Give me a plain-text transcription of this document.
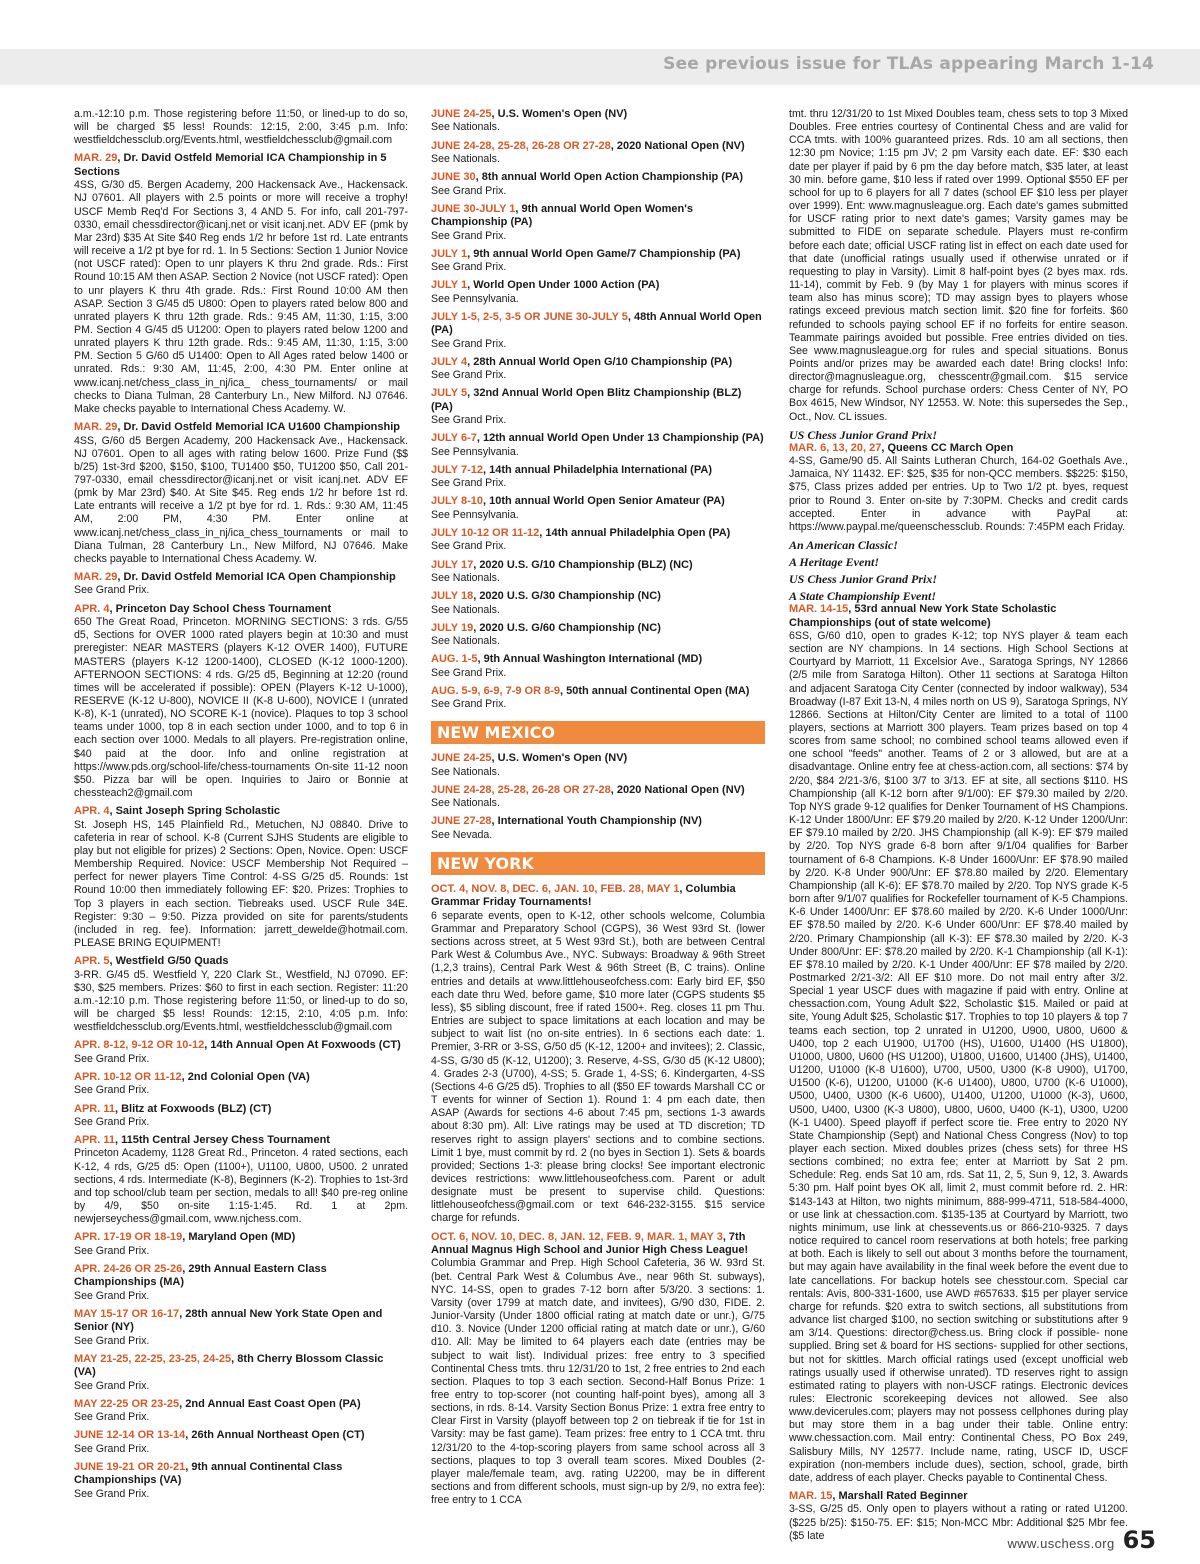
See previous issue for TLAs appearing March 1-14
a.m.-12:10 p.m. Those registering before 11:50, or lined-up to do so, will be charged $5 less! Rounds: 12:15, 2:00, 3:45 p.m. Info: westfieldchessclub.org/Events.html, westfieldchessclub@gmail.com
MAR. 29, Dr. David Ostfeld Memorial ICA Championship in 5 Sections
4SS, G/30 d5. Bergen Academy, 200 Hackensack Ave., Hackensack. NJ 07601. All players with 2.5 points or more will receive a trophy! USCF Memb Req'd For Sections 3, 4 AND 5. For info, call 201-797-0330, email chessdirector@icanj.net or visit icanj.net. ADV EF (pmk by Mar 23rd) $35 At Site $40 Reg ends 1/2 hr before 1st rd. Late entrants will receive a 1/2 pt bye for rd. 1. In 5 Sections: Section 1 Junior Novice (not USCF rated): Open to unr players K thru 2nd grade. Rds.: First Round 10:15 AM then ASAP. Section 2 Novice (not USCF rated): Open to unr players K thru 4th grade. Rds.: First Round 10:00 AM then ASAP. Section 3 G/45 d5 U800: Open to players rated below 800 and unrated players K thru 12th grade. Rds.: 9:45 AM, 11:30, 1:15, 3:00 PM. Section 4 G/45 d5 U1200: Open to players rated below 1200 and unrated players K thru 12th grade. Rds.: 9:45 AM, 11:30, 1:15, 3:00 PM. Section 5 G/60 d5 U1400: Open to All Ages rated below 1400 or unrated. Rds.: 9:30 AM, 11:45, 2:00, 4:30 PM. Enter online at www.icanj.net/chess_class_in_nj/ica_ chess_tournaments/ or mail checks to Diana Tulman, 28 Canterbury Ln., New Milford. NJ 07646. Make checks payable to International Chess Academy. W.
MAR. 29, Dr. David Ostfeld Memorial ICA U1600 Championship
4SS, G/60 d5 Bergen Academy, 200 Hackensack Ave., Hackensack. NJ 07601. Open to all ages with rating below 1600. Prize Fund ($$ b/25) 1st-3rd $200, $150, $100, TU1400 $50, TU1200 $50, Call 201-797-0330, email chessdirector@icanj.net or visit icanj.net. ADV EF (pmk by Mar 23rd) $40. At Site $45. Reg ends 1/2 hr before 1st rd. Late entrants will receive a 1/2 pt bye for rd. 1. Rds.: 9:30 AM, 11:45 AM, 2:00 PM, 4:30 PM. Enter online at www.icanj.net/chess_class_in_nj/ica_chess_tournaments or mail to Diana Tulman, 28 Canterbury Ln., New Milford, NJ 07646. Make checks payable to International Chess Academy. W.
MAR. 29, Dr. David Ostfeld Memorial ICA Open Championship
See Grand Prix.
APR. 4, Princeton Day School Chess Tournament
650 The Great Road, Princeton. MORNING SECTIONS: 3 rds. G/55 d5, Sections for OVER 1000 rated players begin at 10:30 and must preregister: NEAR MASTERS (players K-12 OVER 1400), FUTURE MASTERS (players K-12 1200-1400), CLOSED (K-12 1000-1200). AFTERNOON SECTIONS: 4 rds. G/25 d5, Beginning at 12:20 (round times will be accelerated if possible): OPEN (Players K-12 U-1000), RESERVE (K-12 U-800), NOVICE II (K-8 U-600), NOVICE I (unrated K-8), K-1 (unrated), NO SCORE K-1 (novice). Plaques to top 3 school teams under 1000, top 8 in each section under 1000, and to top 6 in each section over 1000. Medals to all players. Pre-registration online, $40 paid at the door. Info and online registration at https://www.pds.org/school-life/chess-tournaments On-site 11-12 noon $50. Pizza bar will be open. Inquiries to Jairo or Bonnie at chessteach2@gmail.com
APR. 4, Saint Joseph Spring Scholastic
St. Joseph HS, 145 Plainfield Rd., Metuchen, NJ 08840. Drive to cafeteria in rear of school. K-8 (Current SJHS Students are eligible to play but not eligible for prizes) 2 Sections: Open, Novice. Open: USCF Membership Required. Novice: USCF Membership Not Required – perfect for newer players Time Control: 4-SS G/25 d5. Rounds: 1st Round 10:00 then immediately following EF: $20. Prizes: Trophies to Top 3 players in each section. Tiebreaks used. USCF Rule 34E. Register: 9:30 – 9:50. Pizza provided on site for parents/students (included in reg. fee). Information: jarrett_dewelde@hotmail.com. PLEASE BRING EQUIPMENT!
APR. 5, Westfield G/50 Quads
3-RR. G/45 d5. Westfield Y, 220 Clark St., Westfield, NJ 07090. EF: $30, $25 members. Prizes: $60 to first in each section. Register: 11:20 a.m.-12:10 p.m. Those registering before 11:50, or lined-up to do so, will be charged $5 less! Rounds: 12:15, 2:10, 4:05 p.m. Info: westfieldchessclub.org/Events.html, westfieldchessclub@gmail.com
APR. 8-12, 9-12 OR 10-12, 14th Annual Open At Foxwoods (CT)
See Grand Prix.
APR. 10-12 OR 11-12, 2nd Colonial Open (VA)
See Grand Prix.
APR. 11, Blitz at Foxwoods (BLZ) (CT)
See Grand Prix.
APR. 11, 115th Central Jersey Chess Tournament
Princeton Academy, 1128 Great Rd., Princeton. 4 rated sections, each K-12, 4 rds, G/25 d5: Open (1100+), U1100, U800, U500. 2 unrated sections, 4 rds. Intermediate (K-8), Beginners (K-2). Trophies to 1st-3rd and top school/club team per section, medals to all! $40 pre-reg online by 4/9, $50 on-site 1:15-1:45. Rd. 1 at 2pm. newjerseychess@gmail.com, www.njchess.com.
APR. 17-19 OR 18-19, Maryland Open (MD)
See Grand Prix.
APR. 24-26 OR 25-26, 29th Annual Eastern Class Championships (MA)
See Grand Prix.
MAY 15-17 OR 16-17, 28th annual New York State Open and Senior (NY)
See Grand Prix.
MAY 21-25, 22-25, 23-25, 24-25, 8th Cherry Blossom Classic (VA)
See Grand Prix.
MAY 22-25 OR 23-25, 2nd Annual East Coast Open (PA)
See Grand Prix.
JUNE 12-14 OR 13-14, 26th Annual Northeast Open (CT)
See Grand Prix.
JUNE 19-21 OR 20-21, 9th annual Continental Class Championships (VA)
See Grand Prix.
JUNE 24-25, U.S. Women's Open (NV)
See Nationals.
JUNE 24-28, 25-28, 26-28 OR 27-28, 2020 National Open (NV)
See Nationals.
JUNE 30, 8th annual World Open Action Championship (PA)
See Grand Prix.
JUNE 30-JULY 1, 9th annual World Open Women's Championship (PA)
See Grand Prix.
JULY 1, 9th annual World Open Game/7 Championship (PA)
See Grand Prix.
JULY 1, World Open Under 1000 Action (PA)
See Pennsylvania.
JULY 1-5, 2-5, 3-5 OR JUNE 30-JULY 5, 48th Annual World Open (PA)
See Grand Prix.
JULY 4, 28th Annual World Open G/10 Championship (PA)
See Grand Prix.
JULY 5, 32nd Annual World Open Blitz Championship (BLZ) (PA)
See Grand Prix.
JULY 6-7, 12th annual World Open Under 13 Championship (PA)
See Pennsylvania.
JULY 7-12, 14th annual Philadelphia International (PA)
See Grand Prix.
JULY 8-10, 10th annual World Open Senior Amateur (PA)
See Pennsylvania.
JULY 10-12 OR 11-12, 14th annual Philadelphia Open (PA)
See Grand Prix.
JULY 17, 2020 U.S. G/10 Championship (BLZ) (NC)
See Nationals.
JULY 18, 2020 U.S. G/30 Championship (NC)
See Nationals.
JULY 19, 2020 U.S. G/60 Championship (NC)
See Nationals.
AUG. 1-5, 9th Annual Washington International (MD)
See Grand Prix.
AUG. 5-9, 6-9, 7-9 OR 8-9, 50th annual Continental Open (MA)
See Grand Prix.
NEW MEXICO
JUNE 24-25, U.S. Women's Open (NV)
See Nationals.
JUNE 24-28, 25-28, 26-28 OR 27-28, 2020 National Open (NV)
See Nationals.
JUNE 27-28, International Youth Championship (NV)
See Nevada.
NEW YORK
OCT. 4, NOV. 8, DEC. 6, JAN. 10, FEB. 28, MAY 1, Columbia Grammar Friday Tournaments!
6 separate events, open to K-12, other schools welcome, Columbia Grammar and Preparatory School (CGPS), 36 West 93rd St. (lower sections across street, at 5 West 93rd St.), both are between Central Park West & Columbus Ave., NYC. Subways: Broadway & 96th Street (1,2,3 trains), Central Park West & 96th Street (B, C trains). Online entries and details at www.littlehouseofchess.com: Early bird EF, $50 each date thru Wed. before game, $10 more later (CGPS students $5 less), $5 sibling discount, free if rated 1500+. Reg. closes 11 pm Thu. Entries are subject to space limitations at each location and may be subject to wait list (no on-site entries). In 6 sections each date: 1. Premier, 3-RR or 3-SS, G/50 d5 (K-12, 1200+ and invitees); 2. Classic, 4-SS, G/30 d5 (K-12, U1200); 3. Reserve, 4-SS, G/30 d5 (K-12 U800); 4. Grades 2-3 (U700), 4-SS; 5. Grade 1, 4-SS; 6. Kindergarten, 4-SS (Sections 4-6 G/25 d5). Trophies to all ($50 EF towards Marshall CC or T events for winner of Section 1). Round 1: 4 pm each date, then ASAP (Awards for sections 4-6 about 7:45 pm, sections 1-3 awards about 8:30 pm). All: Live ratings may be used at TD discretion; TD reserves right to assign players' sections and to combine sections. Limit 1 bye, must commit by rd. 2 (no byes in Section 1). Sets & boards provided; Sections 1-3: please bring clocks! See important electronic devices restrictions: www.littlehouseofchess.com. Parent or adult designate must be present to supervise child. Questions: littlehouseofchess@gmail.com or text 646-232-3155. $15 service charge for refunds.
OCT. 6, NOV. 10, DEC. 8, JAN. 12, FEB. 9, MAR. 1, MAY 3, 7th Annual Magnus High School and Junior High Chess League!
Columbia Grammar and Prep. High School Cafeteria, 36 W. 93rd St. (bet. Central Park West & Columbus Ave., near 96th St. subways), NYC. 14-SS, open to grades 7-12 born after 5/3/20. 3 sections: 1. Varsity (over 1799 at match date, and invitees), G/90 d30, FIDE. 2. Junior-Varsity (Under 1800 official rating at match date or unr.), G/75 d10. 3. Novice (Under 1200 official rating at match date or unr.), G/60 d10. All: May be limited to 64 players each date (entries may be subject to wait list). Individual prizes: free entry to 3 specified Continental Chess tmts. thru 12/31/20 to 1st, 2 free entries to 2nd each section. Plaques to top 3 each section. Second-Half Bonus Prize: 1 free entry to top-scorer (not counting half-point byes), among all 3 sections, in rds. 8-14. Varsity Section Bonus Prize: 1 extra free entry to Clear First in Varsity (playoff between top 2 on tiebreak if tie for 1st in Varsity: may be fast game). Team prizes: free entry to 1 CCA tmt. thru 12/31/20 to the 4-top-scoring players from same school across all 3 sections, plaques to top 3 overall team scores. Mixed Doubles (2-player male/female team, avg. rating U2200, may be in different sections and from different schools, must sign-up by 2/9, no extra fee): free entry to 1 CCA
tmt. thru 12/31/20 to 1st Mixed Doubles team, chess sets to top 3 Mixed Doubles. Free entries courtesy of Continental Chess and are valid for CCA tmts. with 100% guaranteed prizes. Rds. 10 am all sections, then 12:30 pm Novice; 1:15 pm JV; 2 pm Varsity each date. EF: $30 each date per player if paid by 6 pm the day before match, $35 later, at least 30 min. before game, $10 less if rated over 1999. Optional $550 EF per school for up to 6 players for all 7 dates (school EF $10 less per player over 1999). Ent: www.magnusleague.org. Each date's games submitted for USCF rating prior to next date's games; Varsity games may be submitted to FIDE on separate schedule. Players must re-confirm before each date; official USCF rating list in effect on each date used for that date (unofficial ratings usually used if otherwise unrated or if requesting to play in Varsity). Limit 8 half-point byes (2 byes max. rds. 11-14), commit by Feb. 9 (by May 1 for players with minus scores if team also has minus score); TD may assign byes to players whose ratings exceed previous match section limit. $20 fine for forfeits. $60 refunded to schools paying school EF if no forfeits for entire season. Teammate pairings avoided but possible. Free entries divided on ties. See www.magnusleague.org for rules and special situations. Bonus Points and/or prizes may be awarded each date! Bring clocks! Info: director@magnusleague.org, chesscentr@gmail.com. $15 service charge for refunds. School purchase orders: Chess Center of NY, PO Box 4615, New Windsor, NY 12553. W. Note: this supersedes the Sep., Oct., Nov. CL issues.
US Chess Junior Grand Prix!
MAR. 6, 13, 20, 27, Queens CC March Open
4-SS, Game/90 d5. All Saints Lutheran Church, 164-02 Goethals Ave., Jamaica, NY 11432. EF: $25, $35 for non-QCC members. $$225: $150, $75, Class prizes added per entries. Up to Two 1/2 pt. byes, request prior to Round 3. Enter on-site by 7:30PM. Checks and credit cards accepted. Enter in advance with PayPal at: https://www.paypal.me/queenschessclub. Rounds: 7:45PM each Friday.
An American Classic!
A Heritage Event!
US Chess Junior Grand Prix!
A State Championship Event!
MAR. 14-15, 53rd annual New York State Scholastic Championships (out of state welcome)
6SS, G/60 d10, open to grades K-12; top NYS player & team each section are NY champions. In 14 sections. High School Sections at Courtyard by Marriott, 11 Excelsior Ave., Saratoga Springs, NY 12866 (2/5 mile from Saratoga Hilton). Other 11 sections at Saratoga Hilton and adjacent Saratoga City Center (connected by indoor walkway), 534 Broadway (I-87 Exit 13-N, 4 miles north on US 9), Saratoga Springs, NY 12866. Sections at Hilton/City Center are limited to a total of 1100 players, sections at Marriott 300 players. Team prizes based on top 4 scores from same school; no combined school teams allowed even if one school "feeds" another. Teams of 2 or 3 allowed, but are at a disadvantage. Online entry fee at chess-action.com, all sections: $74 by 2/20, $84 2/21-3/6, $100 3/7 to 3/13. EF at site, all sections $110. HS Championship (all K-12 born after 9/1/00): EF $79.30 mailed by 2/20. Top NYS grade 9-12 qualifies for Denker Tournament of HS Champions. K-12 Under 1800/Unr: EF $79.20 mailed by 2/20. K-12 Under 1200/Unr: EF $79.10 mailed by 2/20. JHS Championship (all K-9): EF $79 mailed by 2/20. Top NYS grade 6-8 born after 9/1/04 qualifies for Barber tournament of 6-8 Champions. K-8 Under 1600/Unr: EF $78.90 mailed by 2/20. K-8 Under 900/Unr: EF $78.80 mailed by 2/20. Elementary Championship (all K-6): EF $78.70 mailed by 2/20. Top NYS grade K-5 born after 9/1/07 qualifies for Rockefeller tournament of K-5 Champions. K-6 Under 1400/Unr: EF $78.60 mailed by 2/20. K-6 Under 1000/Unr: EF $78.50 mailed by 2/20. K-6 Under 600/Unr: EF $78.40 mailed by 2/20. Primary Championship (all K-3): EF $78.30 mailed by 2/20. K-3 Under 800/Unr: EF: $78.20 mailed by 2/20. K-1 Championship (all K-1): EF $78.10 mailed by 2/20. K-1 Under 400/Unr: EF $78 mailed by 2/20. Postmarked 2/21-3/2: All EF $10 more. Do not mail entry after 3/2. Special 1 year USCF dues with magazine if paid with entry. Online at chessaction.com, Young Adult $22, Scholastic $15. Mailed or paid at site, Young Adult $25, Scholastic $17. Trophies to top 10 players & top 7 teams each section, top 2 unrated in U1200, U900, U800, U600 & U400, top 2 each U1900, U1700 (HS), U1600, U1400 (HS U1800), U1000, U800, U600 (HS U1200), U1800, U1600, U1400 (JHS), U1400, U1200, U1000 (K-8 U1600), U700, U500, U300 (K-8 U900), U1700, U1500 (K-6), U1200, U1000 (K-6 U1400), U800, U700 (K-6 U1000), U500, U400, U300 (K-6 U600), U1400, U1200, U1000 (K-3), U600, U500, U400, U300 (K-3 U800), U800, U600, U400 (K-1), U300, U200 (K-1 U400). Speed playoff if perfect score tie. Free entry to 2020 NY State Championship (Sept) and National Chess Congress (Nov) to top player each section. Mixed doubles prizes (chess sets) for three HS sections combined; no extra fee; enter at Marriott by Sat 2 pm. Schedule: Reg. ends Sat 10 am, rds. Sat 11, 2, 5, Sun 9, 12, 3. Awards 5:30 pm. Half point byes OK all, limit 2, must commit before rd. 2. HR: $143-143 at Hilton, two nights minimum, 888-999-4711, 518-584-4000, or use link at chessaction.com. $135-135 at Courtyard by Marriott, two nights minimum, use link at chessevents.us or 866-210-9325. 7 days notice required to cancel room reservations at both hotels; free parking at both. Each is likely to sell out about 3 months before the tournament, but may again have availability in the final week before the event due to late cancellations. For backup hotels see chesstour.com. Special car rentals: Avis, 800-331-1600, use AWD #657633. $15 per player service charge for refunds. $20 extra to switch sections, all substitutions from advance list charged $100, no section switching or substitutions after 9 am 3/14. Questions: director@chess.us. Bring clock if possible- none supplied. Bring set & board for HS sections- supplied for other sections, but not for skittles. March official ratings used (except unofficial web ratings usually used if otherwise unrated). TD reserves right to assign estimated rating to players with non-USCF ratings. Electronic devices rules: Electronic scorekeeping devices not allowed. See also www.devicerules.com; players may not possess cellphones during play but may store them in a bag under their table. Online entry: www.chessaction.com. Mail entry: Continental Chess, PO Box 249, Salisbury Mills, NY 12577. Include name, rating, USCF ID, USCF expiration (non-members include dues), section, school, grade, birth date, address of each player. Checks payable to Continental Chess.
MAR. 15, Marshall Rated Beginner
3-SS, G/25 d5. Only open to players without a rating or rated U1200. ($225 b/25): $150-75. EF: $15; Non-MCC Mbr: Additional $25 Mbr fee. ($5 late
www.uschess.org 65
